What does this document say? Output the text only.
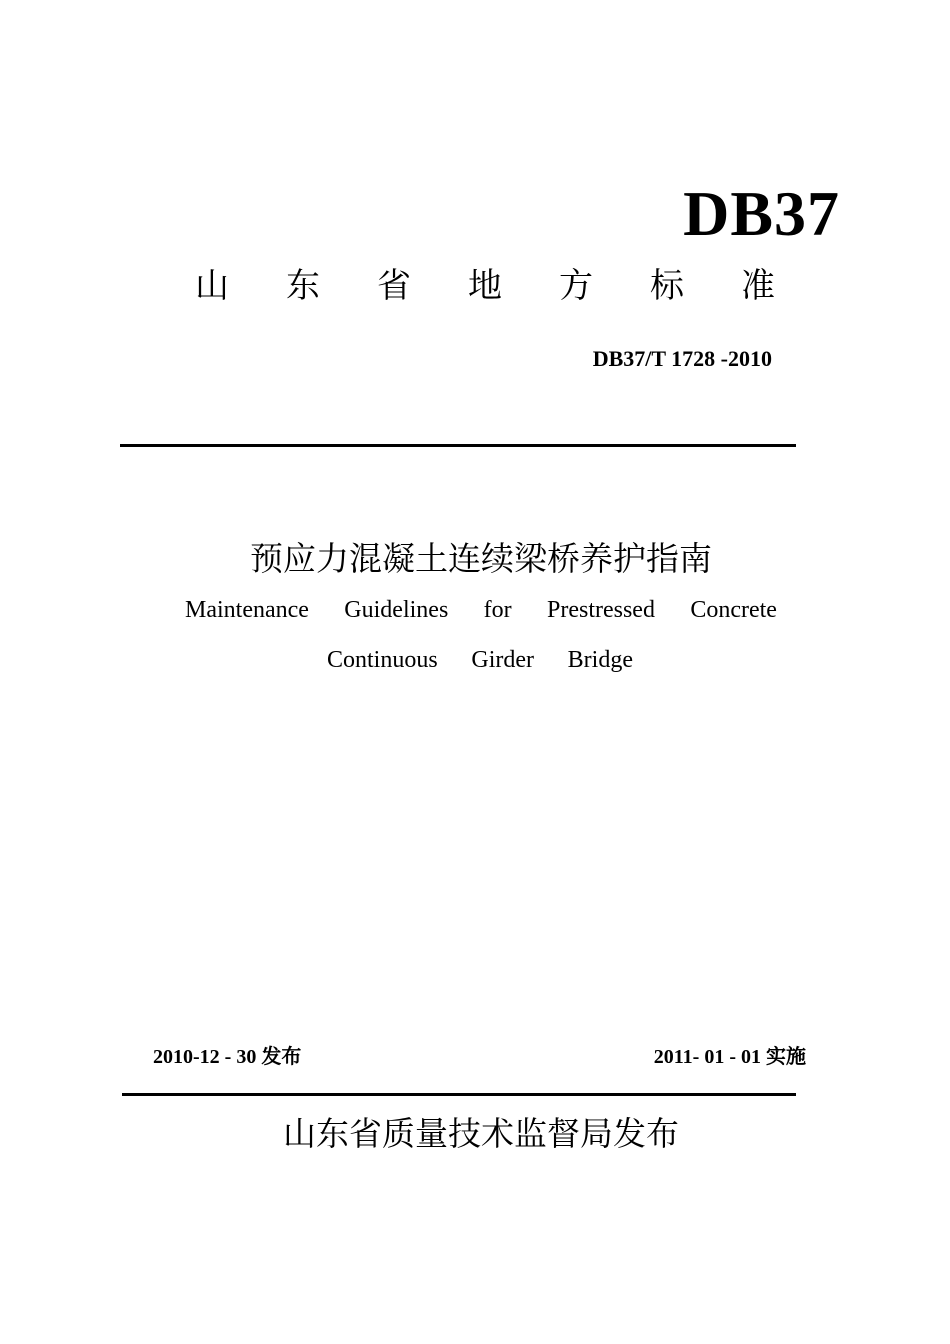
DB37
山 东 省 地 方 标 准
DB37/T 1728 -2010
预应力混凝土连续梁桥养护指南
Maintenance Guidelines for Prestressed Concrete
Continuous Girder Bridge
2010-12 - 30 发布	2011- 01 - 01 实施
山东省质量技术监督局发布
